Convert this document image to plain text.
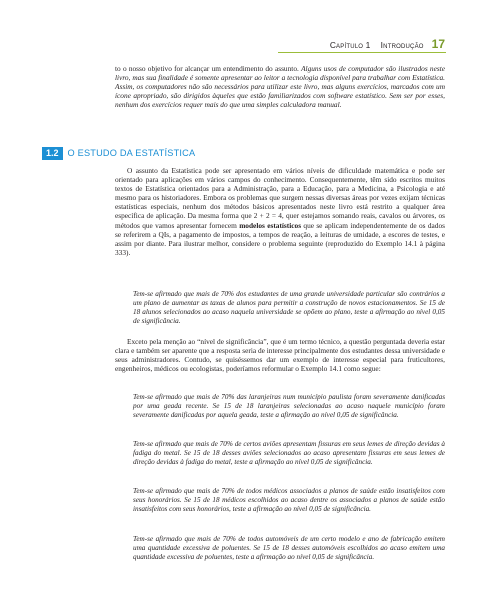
Capítulo 1 Introdução 17

to o nosso objetivo for alcançar um entendimento do assunto. Alguns usos de computador são ilustrados neste livro, mas sua finalidade é somente apresentar ao leitor a tecnologia disponível para trabalhar com Estatística. Assim, os computadores não são necessários para utilizar este livro, mas alguns exercícios, marcados com um ícone apropriado, são dirigidos àqueles que estão familiarizados com software estatístico. Sem ser por esses, nenhum dos exercícios requer mais do que uma simples calculadora manual.

1.2 O ESTUDO DA ESTATÍSTICA

O assunto da Estatística pode ser apresentado em vários níveis de dificuldade matemática e pode ser orientado para aplicações em vários campos do conhecimento. Consequentemente, têm sido escritos muitos textos de Estatística orientados para a Administração, para a Educação, para a Medicina, a Psicologia e até mesmo para os historiadores. Embora os problemas que surgem nessas diversas áreas por vezes exijam técnicas estatísticas especiais, nenhum dos métodos básicos apresentados neste livro está restrito a qualquer área específica de aplicação. Da mesma forma que 2 + 2 = 4, quer estejamos somando reais, cavalos ou árvores, os métodos que vamos apresentar fornecem modelos estatísticos que se aplicam independentemente de os dados se referirem a QIs, a pagamento de impostos, a tempos de reação, a leituras de umidade, a escores de testes, e assim por diante. Para ilustrar melhor, considere o problema seguinte (reproduzido do Exemplo 14.1 à página 333).

Tem-se afirmado que mais de 70% dos estudantes de uma grande universidade particular são contrários a um plano de aumentar as taxas de alunos para permitir a construção de novos estacionamentos. Se 15 de 18 alunos selecionados ao acaso naquela universidade se opõem ao plano, teste a afirmação ao nível 0,05 de significância.

Exceto pela menção ao “nível de significância”, que é um termo técnico, a questão perguntada deveria estar clara e também ser aparente que a resposta seria de interesse principalmente dos estudantes dessa universidade e seus administradores. Contudo, se quiséssemos dar um exemplo de interesse especial para fruticultores, engenheiros, médicos ou ecologistas, poderíamos reformular o Exemplo 14.1 como segue:

Tem-se afirmado que mais de 70% das laranjeiras num município paulista foram severamente danificadas por uma geada recente. Se 15 de 18 laranjeiras selecionadas ao acaso naquele município foram severamente danificadas por aquela geada, teste a afirmação ao nível 0,05 de significância.

Tem-se afirmado que mais de 70% de certos aviões apresentam fissuras em seus lemes de direção devidas à fadiga do metal. Se 15 de 18 desses aviões selecionados ao acaso apresentam fissuras em seus lemes de direção devidas à fadiga do metal, teste a afirmação ao nível 0,05 de significância.

Tem-se afirmado que mais de 70% de todos médicos associados a planos de saúde estão insatisfeitos com seus honorários. Se 15 de 18 médicos escolhidos ao acaso dentre os associados a planos de saúde estão insatisfeitos com seus honorários, teste a afirmação ao nível 0,05 de significância.

Tem-se afirmado que mais de 70% de todos automóveis de um certo modelo e ano de fabricação emitem uma quantidade excessiva de poluentes. Se 15 de 18 desses automóveis escolhidos ao acaso emitem uma quantidade excessiva de poluentes, teste a afirmação ao nível 0,05 de significância.
